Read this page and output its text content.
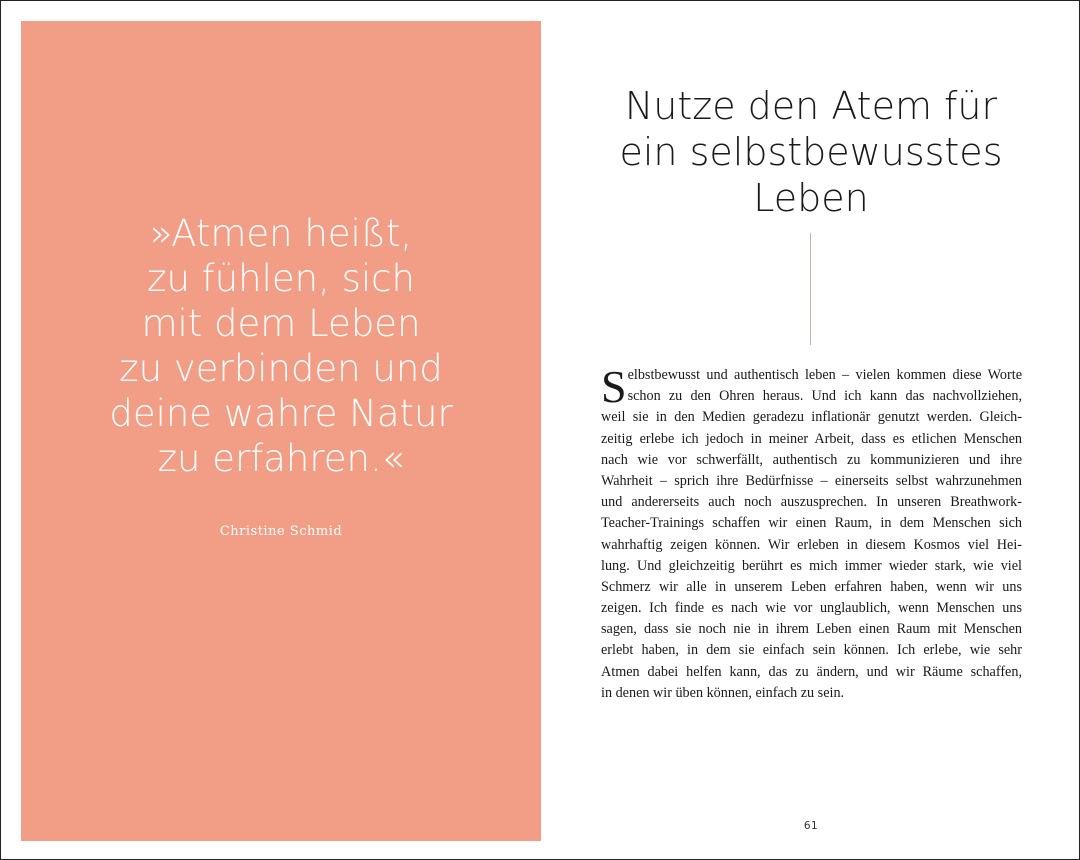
»Atmen heißt,
zu fühlen, sich
mit dem Leben
zu verbinden und
deine wahre Natur
zu erfahren.«

Christine Schmid
Nutze den Atem für
ein selbstbewusstes
Leben
S elbstbewusst und authentisch leben – vielen kommen diese Worte
schon zu den Ohren heraus. Und ich kann das nachvollziehen,
weil sie in den Medien geradezu inflationär genutzt werden. Gleich-
zeitig erlebe ich jedoch in meiner Arbeit, dass es etlichen Menschen
nach wie vor schwerfällt, authentisch zu kommunizieren und ihre
Wahrheit – sprich ihre Bedürfnisse – einerseits selbst wahrzunehmen
und andererseits auch noch auszusprechen. In unseren Breathwork-
Teacher-Trainings schaffen wir einen Raum, in dem Menschen sich
wahrhaftig zeigen können. Wir erleben in diesem Kosmos viel Hei-
lung. Und gleichzeitig berührt es mich immer wieder stark, wie viel
Schmerz wir alle in unserem Leben erfahren haben, wenn wir uns
zeigen. Ich finde es nach wie vor unglaublich, wenn Menschen uns
sagen, dass sie noch nie in ihrem Leben einen Raum mit Menschen
erlebt haben, in dem sie einfach sein können. Ich erlebe, wie sehr
Atmen dabei helfen kann, das zu ändern, und wir Räume schaffen,
in denen wir üben können, einfach zu sein.
61
